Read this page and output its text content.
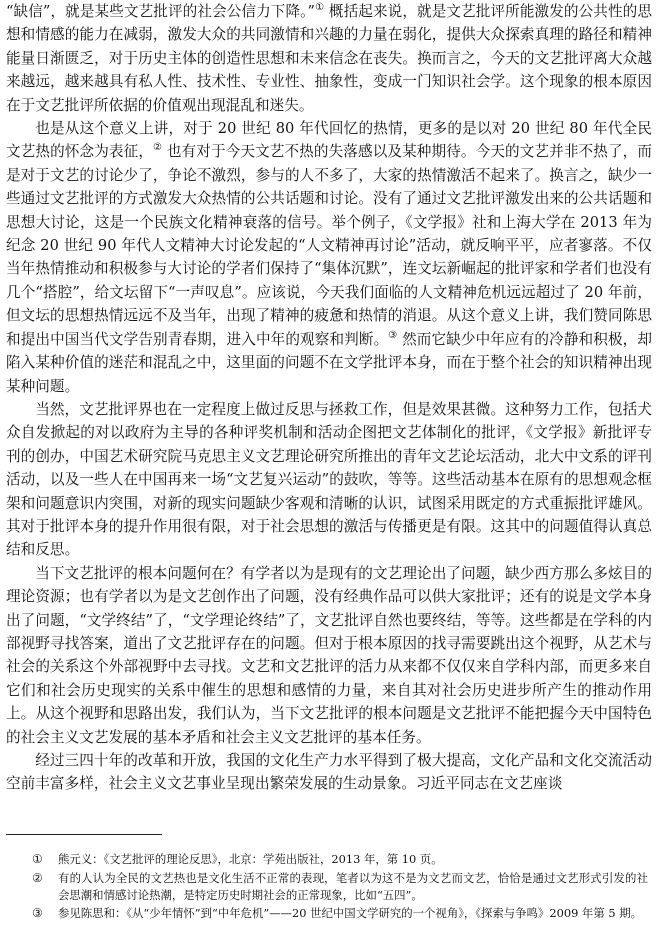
“缺信”，就是某些文艺批评的社会公信力下降。”① 概括起来说，就是文艺批评所能激发的公共性的思想和情感的能力在减弱，激发大众的共同激情和兴趣的力量在弱化，提供大众探索真理的路径和精神能量日渐匮乏，对于历史主体的创造性思想和未来信念在丧失。换而言之，今天的文艺批评离大众越来越远，越来越具有私人性、技术性、专业性、抽象性，变成一门知识社会学。这个现象的根本原因在于文艺批评所依据的价值观出现混乱和迷失。

也是从这个意义上讲，对于 20 世纪 80 年代回忆的热情，更多的是以对 20 世纪 80 年代全民文艺热的怀念为表征，② 也有对于今天文艺不热的失落感以及某种期待。今天的文艺并非不热了，而是对于文艺的讨论少了，争论不激烈，参与的人不多了，大家的热情激活不起来了。换言之，缺少一些通过文艺批评的方式激发大众热情的公共话题和讨论。没有了通过文艺批评激发出来的公共话题和思想大讨论，这是一个民族文化精神衰落的信号。举个例子，《文学报》社和上海大学在 2013 年为纪念 20 世纪 90 年代人文精神大讨论发起的“人文精神再讨论”活动，就反响平平，应者寥落。不仅当年热情推动和积极参与大讨论的学者们保持了“集体沉默”，连文坛新崛起的批评家和学者们也没有几个“搭腔”，给文坛留下“一声叹息”。应该说，今天我们面临的人文精神危机远远超过了 20 年前，但文坛的思想热情远远不及当年，出现了精神的疲惫和热情的消退。从这个意义上讲，我们赞同陈思和提出中国当代文学告别青春期，进入中年的观察和判断。③ 然而它缺少中年应有的冷静和积极，却陷入某种价值的迷茫和混乱之中，这里面的问题不在文学批评本身，而在于整个社会的知识精神出现某种问题。

当然，文艺批评界也在一定程度上做过反思与拯救工作，但是效果甚微。这种努力工作，包括犬众自发掀起的对以政府为主导的各种评奖机制和活动企图把文艺体制化的批评，《文学报》新批评专刊的创办，中国艺术研究院马克思主义文艺理论研究所推出的青年文艺论坛活动，北大中文系的评刊活动，以及一些人在中国再来一场“文艺复兴运动”的鼓吹，等等。这些活动基本在原有的思想观念框架和问题意识内突围，对新的现实问题缺少客观和清晰的认识，试图采用既定的方式重振批评雄风。其对于批评本身的提升作用很有限，对于社会思想的激活与传播更是有限。这其中的问题值得认真总结和反思。

当下文艺批评的根本问题何在？有学者以为是现有的文艺理论出了问题，缺少西方那么多炫目的理论资源；也有学者以为是文艺创作出了问题，没有经典作品可以供大家批评；还有的说是文学本身出了问题，“文学终结”了，“文学理论终结”了，文艺批评自然也要终结，等等。这些都是在学科的内部视野寻找答案，道出了文艺批评存在的问题。但对于根本原因的找寻需要跳出这个视野，从艺术与社会的关系这个外部视野中去寻找。文艺和文艺批评的活力从来都不仅仅来自学科内部，而更多来自它们和社会历史现实的关系中催生的思想和感情的力量，来自其对社会历史进步所产生的推动作用上。从这个视野和思路出发，我们认为，当下文艺批评的根本问题是文艺批评不能把握今天中国特色的社会主义文艺发展的基本矛盾和社会主义文艺批评的基本任务。

经过三四十年的改革和开放，我国的文化生产力水平得到了极大提高，文化产品和文化交流活动空前丰富多样，社会主义文艺事业呈现出繁荣发展的生动景象。习近平同志在文艺座谈

① 熊元义：《文艺批评的理论反思》，北京：学苑出版社，2013 年，第 10 页。
② 有的人认为全民的文艺热也是文化生活不正常的表现，笔者以为这不是为文艺而文艺，恰恰是通过文艺形式引发的社会思潮和情感讨论热潮，是特定历史时期社会的正常现象，比如“五四”。
③ 参见陈思和：《从“少年情怀”到“中年危机”——20 世纪中国文学研究的一个视角》，《探索与争鸣》2009 年第 5 期。
